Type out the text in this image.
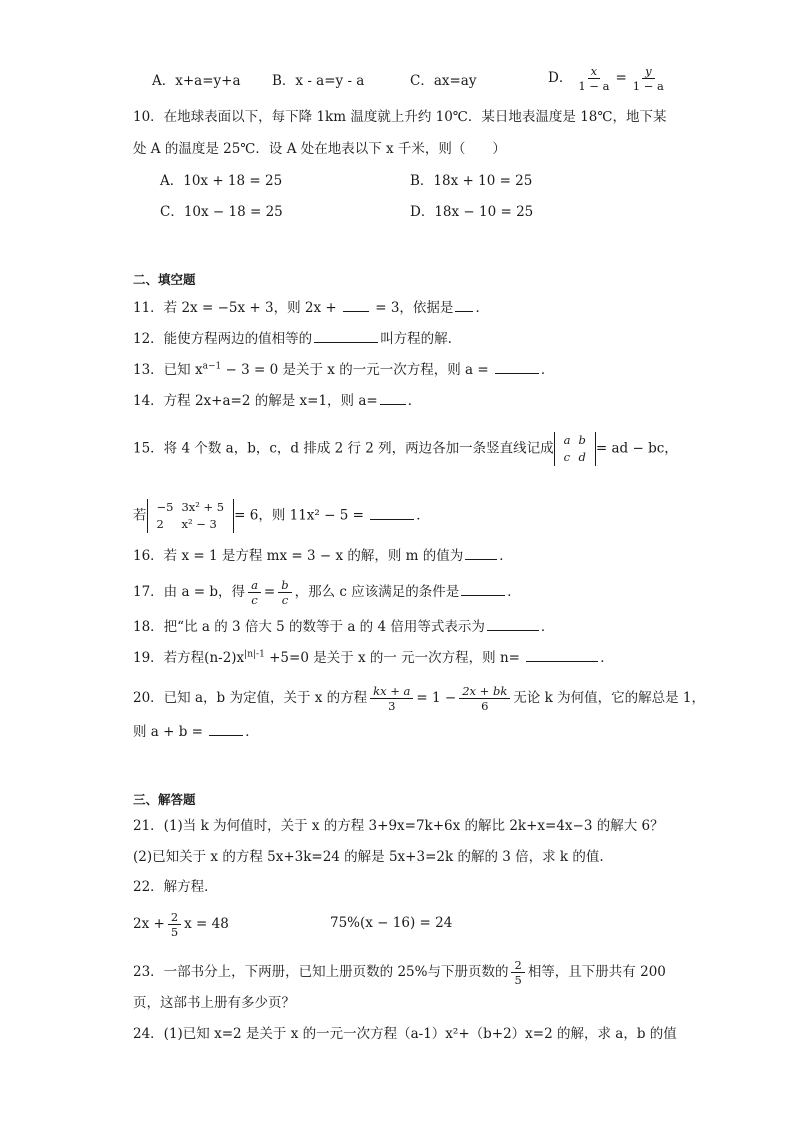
A．x+a=y+a B．x - a=y - a	C．ax=ay	D． $\frac{x}{1 - a} = \frac{y}{1 - a}$
10．在地球表面以下，每下降 1km 温度就上升约 10℃．某日地表温度是 18℃，地下某
处 A 的温度是 25℃．设 A 处在地表以下 x 千米，则（　　）
A．10x + 18 = 25	B．18x + 10 = 25
C．10x − 18 = 25	D．18x − 10 = 25
二、填空题
11．若 2x = −5x + 3，则 2x +  = 3，依据是 ．
12．能使方程两边的值相等的	叫方程的解.
13．已知 $x^{a-1} - 3 = 0$ 是关于 x 的一元一次方程，则 a =	．
14．方程 2x+a=2 的解是 x=1，则 a= ．
15．将 4 个数 a，b，c，d 排成 2 行 2 列，两边各加一条竖直线记成
a	b
c	d
= ad − bc，
若
−5	3x² + 5
2	x² − 3
= 6，则 11x² − 5 =	．
16．若 x = 1 是方程 mx = 3 − x 的解，则 m 的值为	．
17．由 a = b，得 $\frac{a}{c} = \frac{b}{c}$ ，那么 c 应该满足的条件是	．
18．把“比 a 的 3 倍大 5 的数等于 a 的 4 倍用等式表示为	．
19．若方程$(n-2)x^{|n|-1} +5=0$ 是关于 x 的一 元一次方程，则 n=	．
20．已知 a，b 为定值，关于 x 的方程 $\frac{kx + a}{3} = 1 - \frac{2x + bk}{6}$ 无论 k 为何值，它的解总是 1，
则 a + b =	．
三、解答题
21．(1)当 k 为何值时，关于 x 的方程 3+9x=7k+6x 的解比 2k+x=4x−3 的解大 6？
(2)已知关于 x 的方程 5x+3k=24 的解是 5x+3=2k 的解的 3 倍，求 k 的值.
22．解方程．
$2x + \frac{2}{5}$ x = 48	75%(x − 16) = 24
23．一部书分上，下两册，已知上册页数的 25%与下册页数的 $\frac{2}{5}$ 相等，且下册共有 200
页，这部书上册有多少页？
24．(1)已知 x=2 是关于 x 的一元一次方程（a-1）x²+（b+2）x=2 的解，求 a，b 的值
